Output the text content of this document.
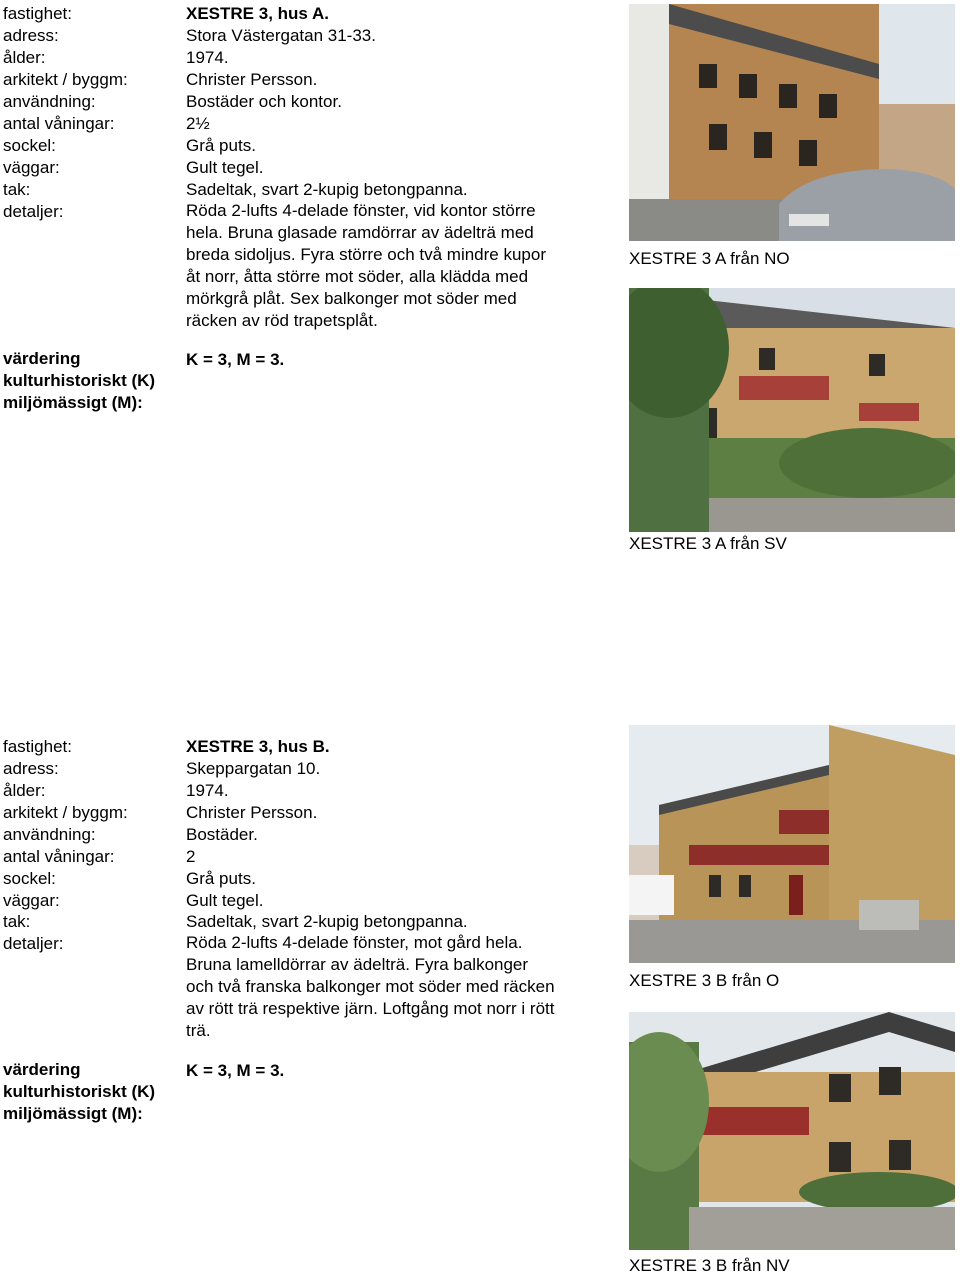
fastighet:	XESTRE 3, hus A.
adress:	Stora Västergatan 31-33.
ålder:	1974.
arkitekt / byggm:	Christer Persson.
användning:	Bostäder och kontor.
antal våningar:	2½
sockel:	Grå puts.
väggar:	Gult tegel.
tak:	Sadeltak, svart 2-kupig betongpanna.
detaljer:	Röda 2-lufts 4-delade fönster, vid kontor större
hela. Bruna glasade ramdörrar av ädelträ med
breda sidoljus. Fyra större och två mindre kupor
åt norr, åtta större mot söder, alla klädda med
mörkgrå plåt. Sex balkonger mot söder med
räcken av röd trapetsplåt.
värdering
kulturhistoriskt (K)
miljömässigt (M):
K = 3, M = 3.
XESTRE 3 A från NO
XESTRE 3 A från SV
fastighet:	XESTRE 3, hus B.
adress:	Skeppargatan 10.
ålder:	1974.
arkitekt / byggm:	Christer Persson.
användning:	Bostäder.
antal våningar:	2
sockel:	Grå puts.
väggar:	Gult tegel.
tak:	Sadeltak, svart 2-kupig betongpanna.
detaljer:	Röda 2-lufts 4-delade fönster, mot gård hela.
Bruna lamelldörrar av ädelträ. Fyra balkonger
och två franska balkonger mot söder med räcken
av rött trä respektive järn. Loftgång mot norr i rött
trä.
värdering
kulturhistoriskt (K)
miljömässigt (M):
K = 3, M = 3.
XESTRE 3 B från O
XESTRE 3 B från NV
